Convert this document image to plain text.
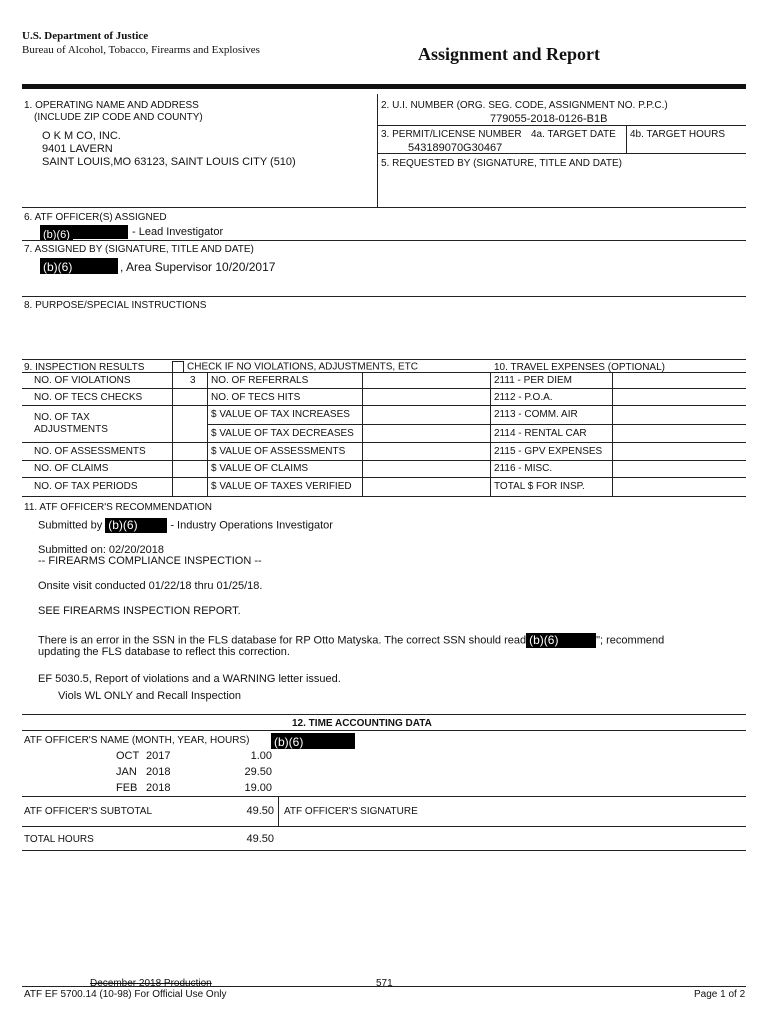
U.S. Department of Justice
Bureau of Alcohol, Tobacco, Firearms and Explosives	Assignment and Report
1. OPERATING NAME AND ADDRESS
(INCLUDE ZIP CODE AND COUNTY)
O K M CO, INC.
9401 LAVERN
SAINT LOUIS,MO 63123, SAINT LOUIS CITY (510)
2. U.I. NUMBER (ORG. SEG. CODE, ASSIGNMENT NO. P.P.C.)
779055-2018-0126-B1B
3. PERMIT/LICENSE NUMBER 4a. TARGET DATE 4b. TARGET HOURS
543189070G30467
5. REQUESTED BY (SIGNATURE, TITLE AND DATE)
6. ATF OFFICER(S) ASSIGNED
(b)(6)	- Lead Investigator
7. ASSIGNED BY (SIGNATURE, TITLE AND DATE)
(b)(6)	, Area Supervisor 10/20/2017
8. PURPOSE/SPECIAL INSTRUCTIONS
9. INSPECTION RESULTS	CHECK IF NO VIOLATIONS, ADJUSTMENTS, ETC	10. TRAVEL EXPENSES (OPTIONAL)
NO. OF VIOLATIONS	3 NO. OF REFERRALS	2111 - PER DIEM
NO. OF TECS CHECKS	NO. OF TECS HITS	2112 - P.O.A.
NO. OF TAX
ADJUSTMENTS
$ VALUE OF TAX INCREASES	2113 - COMM. AIR
$ VALUE OF TAX DECREASES	2114 - RENTAL CAR
NO. OF ASSESSMENTS	$ VALUE OF ASSESSMENTS	2115 - GPV EXPENSES
NO. OF CLAIMS	$ VALUE OF CLAIMS	2116 - MISC.
NO. OF TAX PERIODS	$ VALUE OF TAXES VERIFIED	TOTAL $ FOR INSP.
11. ATF OFFICER'S RECOMMENDATION
Submitted by (b)(6)	- Industry Operations Investigator
Submitted on: 02/20/2018
-- FIREARMS COMPLIANCE INSPECTION --
Onsite visit conducted 01/22/18 thru 01/25/18.
SEE FIREARMS INSPECTION REPORT.
There is an error in the SSN in the FLS database for RP Otto Matyska. The correct SSN should read (b)(6)	"; recommend
updating the FLS database to reflect this correction.
EF 5030.5, Report of violations and a WARNING letter issued.
Viols WL ONLY and Recall Inspection
12. TIME ACCOUNTING DATA
ATF OFFICER'S NAME (MONTH, YEAR, HOURS) (b)(6)
OCT 2017	1.00
JAN 2018	29.50
FEB 2018	19.00
ATF OFFICER'S SUBTOTAL	49.50 ATF OFFICER'S SIGNATURE
TOTAL HOURS	49.50
December 2018 Production	571
ATF EF 5700.14 (10-98) For Official Use Only	Page 1 of 2
